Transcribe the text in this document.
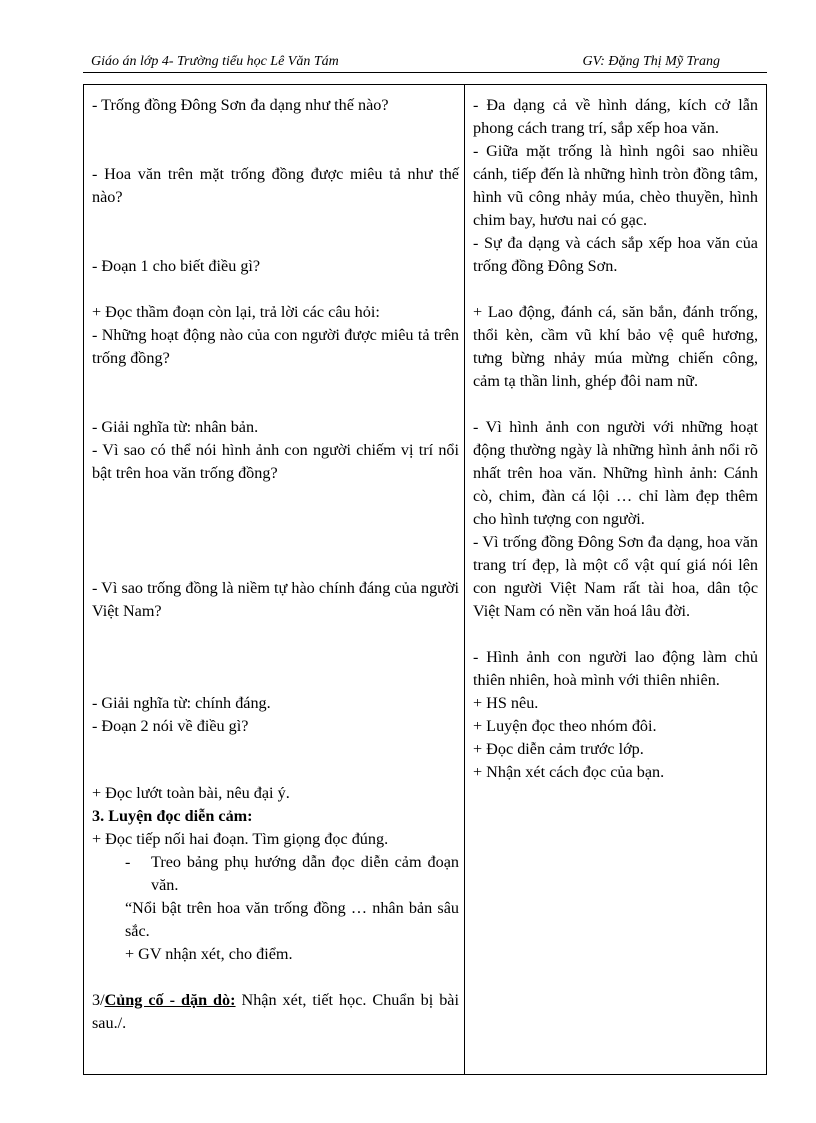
Giáo án lớp 4- Trường tiểu học Lê Văn Tám	GV: Đặng Thị Mỹ Trang

- Trống đồng Đông Sơn đa dạng như thế nào?

- Hoa văn trên mặt trống đồng được miêu tả như thế nào?

- Đoạn 1 cho biết điều gì?

+ Đọc thầm đoạn còn lại, trả lời các câu hỏi:

- Những hoạt động nào của con người được miêu tả trên trống đồng?

- Giải nghĩa từ: nhân bản.

- Vì sao có thể nói hình ảnh con người chiếm vị trí nổi bật trên hoa văn trống đồng?

- Vì sao trống đồng là niềm tự hào chính đáng của người Việt Nam?

- Giải nghĩa từ: chính đáng.

- Đoạn 2 nói về điều gì?

+ Đọc lướt toàn bài, nêu đại ý.

3. Luyện đọc diễn cảm:

+ Đọc tiếp nối hai đoạn. Tìm giọng đọc đúng.

-	Treo bảng phụ hướng dẫn đọc diễn cảm đoạn văn.

“Nổi bật trên hoa văn trống đồng … nhân bản sâu sắc.

+ GV nhận xét, cho điểm.

3/Củng cố - dặn dò: Nhận xét, tiết học. Chuẩn bị bài sau./.

- Đa dạng cả về hình dáng, kích cở lẫn phong cách trang trí, sắp xếp hoa văn.

- Giữa mặt trống là hình ngôi sao nhiều cánh, tiếp đến là những hình tròn đồng tâm, hình vũ công nhảy múa, chèo thuyền, hình chim bay, hươu nai có gạc.

- Sự đa dạng và cách sắp xếp hoa văn của trống đồng Đông Sơn.

+ Lao động, đánh cá, săn bắn, đánh trống, thổi kèn, cầm vũ khí bảo vệ quê hương, tưng bừng nhảy múa mừng chiến công, cảm tạ thần linh, ghép đôi nam nữ.

- Vì hình ảnh con người với những hoạt động thường ngày là những hình ảnh nổi rõ nhất trên hoa văn. Những hình ảnh: Cánh cò, chim, đàn cá lội … chỉ làm đẹp thêm cho hình tượng con người.

- Vì trống đồng Đông Sơn đa dạng, hoa văn trang trí đẹp, là một cổ vật quí giá nói lên con người Việt Nam rất tài hoa, dân tộc Việt Nam có nền văn hoá lâu đời.

- Hình ảnh con người lao động làm chủ thiên nhiên, hoà mình với thiên nhiên.

+ HS nêu.

+ Luyện đọc theo nhóm đôi.

+ Đọc diễn cảm trước lớp.

+ Nhận xét cách đọc của bạn.
